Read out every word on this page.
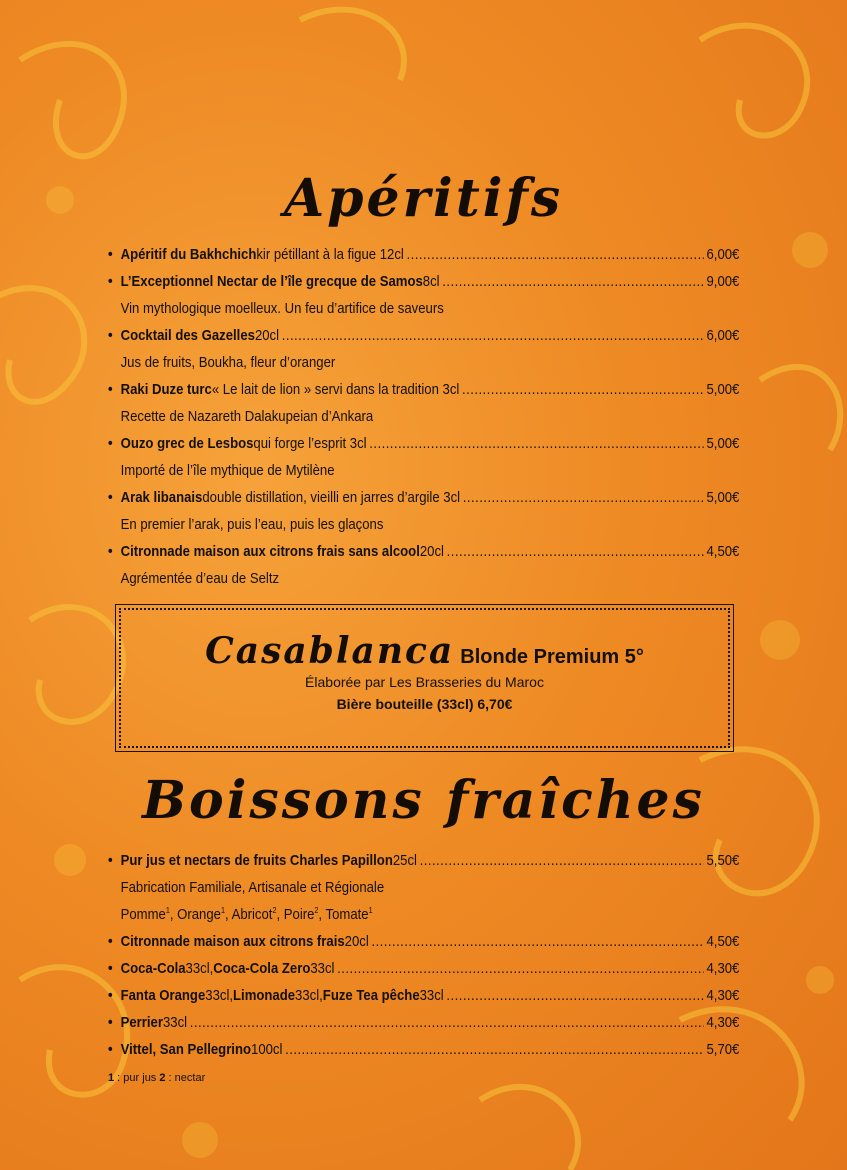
Apéritifs
• Apéritif du Bakhchich kir pétillant à la figue 12cl .....	6,00€
• L’Exceptionnel Nectar de l’île grecque de Samos 8cl .....	9,00€
Vin mythologique moelleux. Un feu d’artifice de saveurs
• Cocktail des Gazelles 20cl .....	6,00€
Jus de fruits, Boukha, fleur d’oranger
• Raki Duze turc « Le lait de lion » servi dans la tradition 3cl .....	5,00€
Recette de Nazareth Dalakupeian d’Ankara
• Ouzo grec de Lesbos qui forge l’esprit 3cl .....	5,00€
Importé de l’île mythique de Mytilène
• Arak libanais double distillation, vieilli en jarres d’argile 3cl .....	5,00€
En premier l’arak, puis l’eau, puis les glaçons
• Citronnade maison aux citrons frais sans alcool 20cl .....	4,50€
Agrémentée d’eau de Seltz
Casablanca Blonde Premium 5°
Élaborée par Les Brasseries du Maroc
Bière bouteille (33cl) 6,70€
Boissons fraîches
• Pur jus et nectars de fruits Charles Papillon 25cl .....	5,50€
Fabrication Familiale, Artisanale et Régionale
Pomme$^1$, Orange$^1$, Abricot$^2$, Poire$^2$, Tomate$^1$
• Citronnade maison aux citrons frais 20cl .....	4,50€
• Coca-Cola 33cl, Coca-Cola Zero 33cl .....	4,30€
• Fanta Orange 33cl, Limonade 33cl, Fuze Tea pêche 33cl .....	4,30€
• Perrier 33cl .....	4,30€
• Vittel, San Pellegrino 100cl .....	5,70€
1 : pur jus 2 : nectar
